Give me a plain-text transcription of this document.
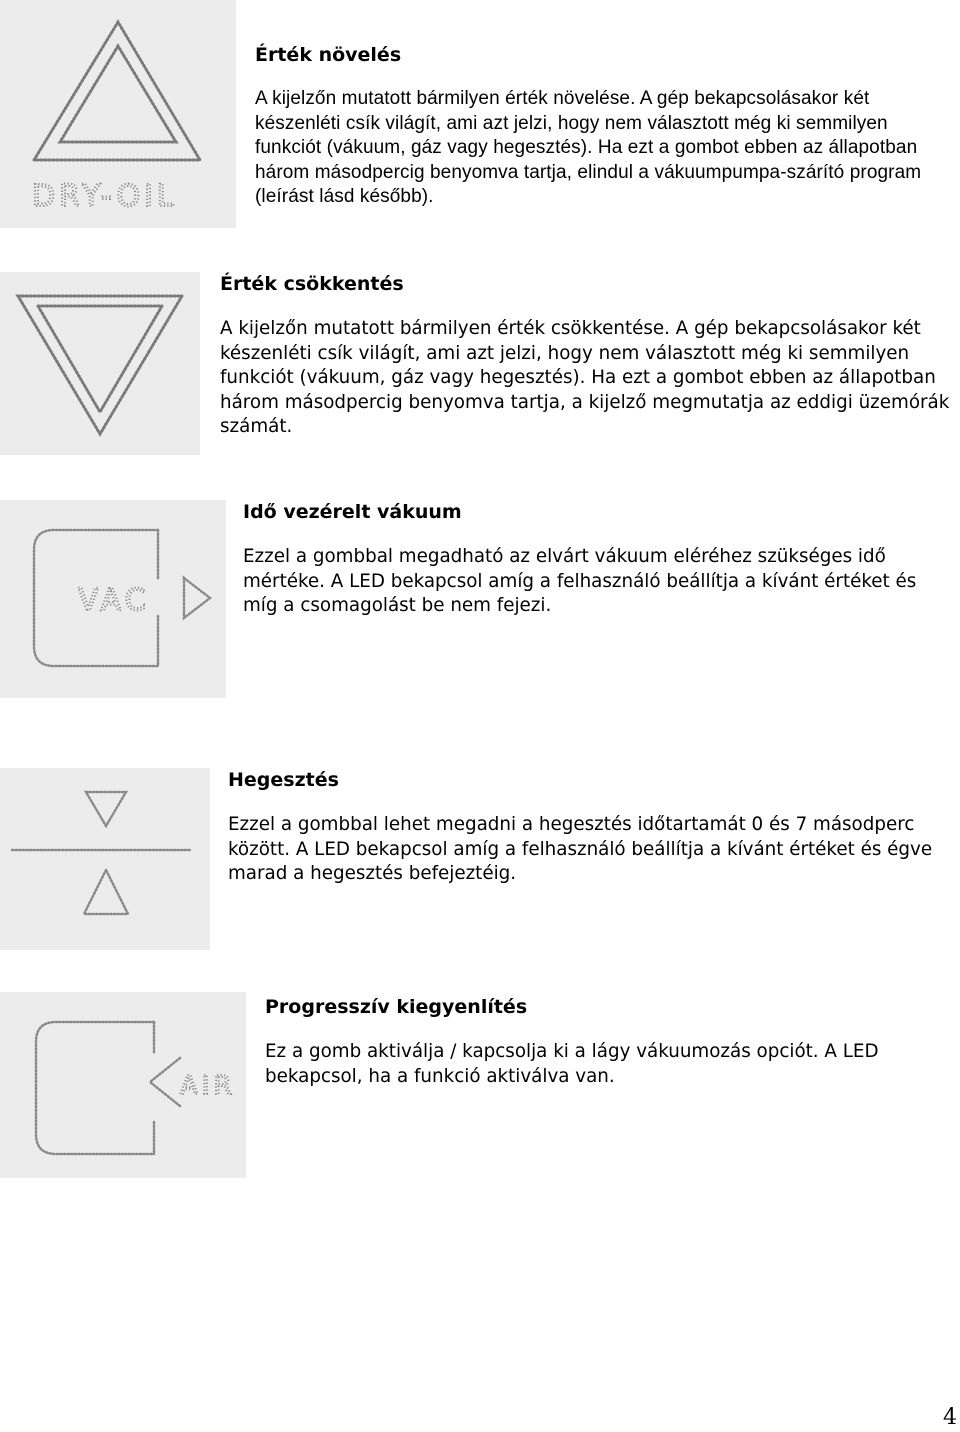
DRY-OIL

Érték növelés

A kijelzőn mutatott bármilyen érték növelése. A gép bekapcsolásakor két készenléti csík világít, ami azt jelzi, hogy nem választott még ki semmilyen funkciót (vákuum, gáz vagy hegesztés). Ha ezt a gombot ebben az állapotban három másodpercig benyomva tartja, elindul a vákuumpumpa-szárító program (leírást lásd később).

Érték csökkentés

A kijelzőn mutatott bármilyen érték csökkentése. A gép bekapcsolásakor két készenléti csík világít, ami azt jelzi, hogy nem választott még ki semmilyen funkciót (vákuum, gáz vagy hegesztés). Ha ezt a gombot ebben az állapotban három másodpercig benyomva tartja, a kijelző megmutatja az eddigi üzemórák számát.

VAC

Idő vezérelt vákuum

Ezzel a gombbal megadható az elvárt vákuum eléréhez szükséges idő mértéke. A LED bekapcsol amíg a felhasználó beállítja a kívánt értéket és míg a csomagolást be nem fejezi.

Hegesztés

Ezzel a gombbal lehet megadni a hegesztés időtartamát 0 és 7 másodperc között. A LED bekapcsol amíg a felhasználó beállítja a kívánt értéket és égve marad a hegesztés befejeztéig.

AIR

Progresszív kiegyenlítés

Ez a gomb aktiválja / kapcsolja ki a lágy vákuumozás opciót. A LED bekapcsol, ha a funkció aktiválva van.

4
